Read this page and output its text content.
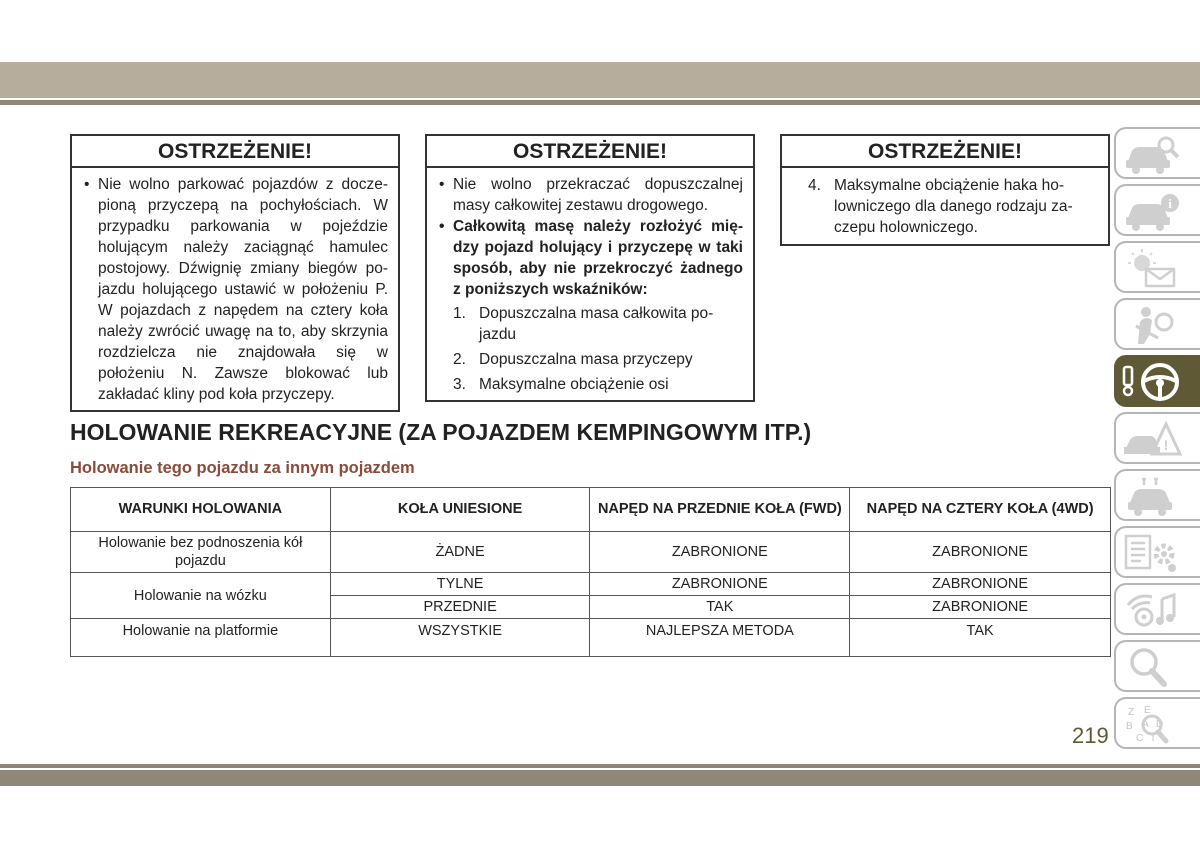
OSTRZEŻENIE!
• Nie wolno parkować pojazdów z docze-pioną przyczepą na pochyłościach. W przypadku parkowania w pojeździe holującym należy zaciągnąć hamulec postojowy. Dźwignię zmiany biegów po-jazdu holującego ustawić w położeniu P. W pojazdach z napędem na cztery koła należy zwrócić uwagę na to, aby skrzynia rozdzielcza nie znajdowała się w położeniu N. Zawsze blokować lub zakładać kliny pod koła przyczepy.
OSTRZEŻENIE!
• Nie wolno przekraczać dopuszczalnej masy całkowitej zestawu drogowego.
• Całkowitą masę należy rozłożyć mię-dzy pojazd holujący i przyczepę w taki sposób, aby nie przekroczyć żadnego z poniższych wskaźników:
1. Dopuszczalna masa całkowita po-jazdu
2. Dopuszczalna masa przyczepy
3. Maksymalne obciążenie osi
OSTRZEŻENIE!
4. Maksymalne obciążenie haka ho-lowniczego dla danego rodzaju za-czepu holowniczego.
HOLOWANIE REKREACYJNE (ZA POJAZDEM KEMPINGOWYM ITP.)
Holowanie tego pojazdu za innym pojazdem
WARUNKI HOLOWANIA	KOŁA UNIESIONE	NAPĘD NA PRZEDNIE KOŁA (FWD)	NAPĘD NA CZTERY KOŁA (4WD)
Holowanie bez podnoszenia kół pojazdu	ŻADNE	ZABRONIONE	ZABRONIONE
Holowanie na wózku	TYLNE	ZABRONIONE	ZABRONIONE
	PRZEDNIE	TAK	ZABRONIONE
Holowanie na platformie	WSZYSTKIE	NAJLEPSZA METODA	TAK
i
!
Z E
B A D
C T
219
